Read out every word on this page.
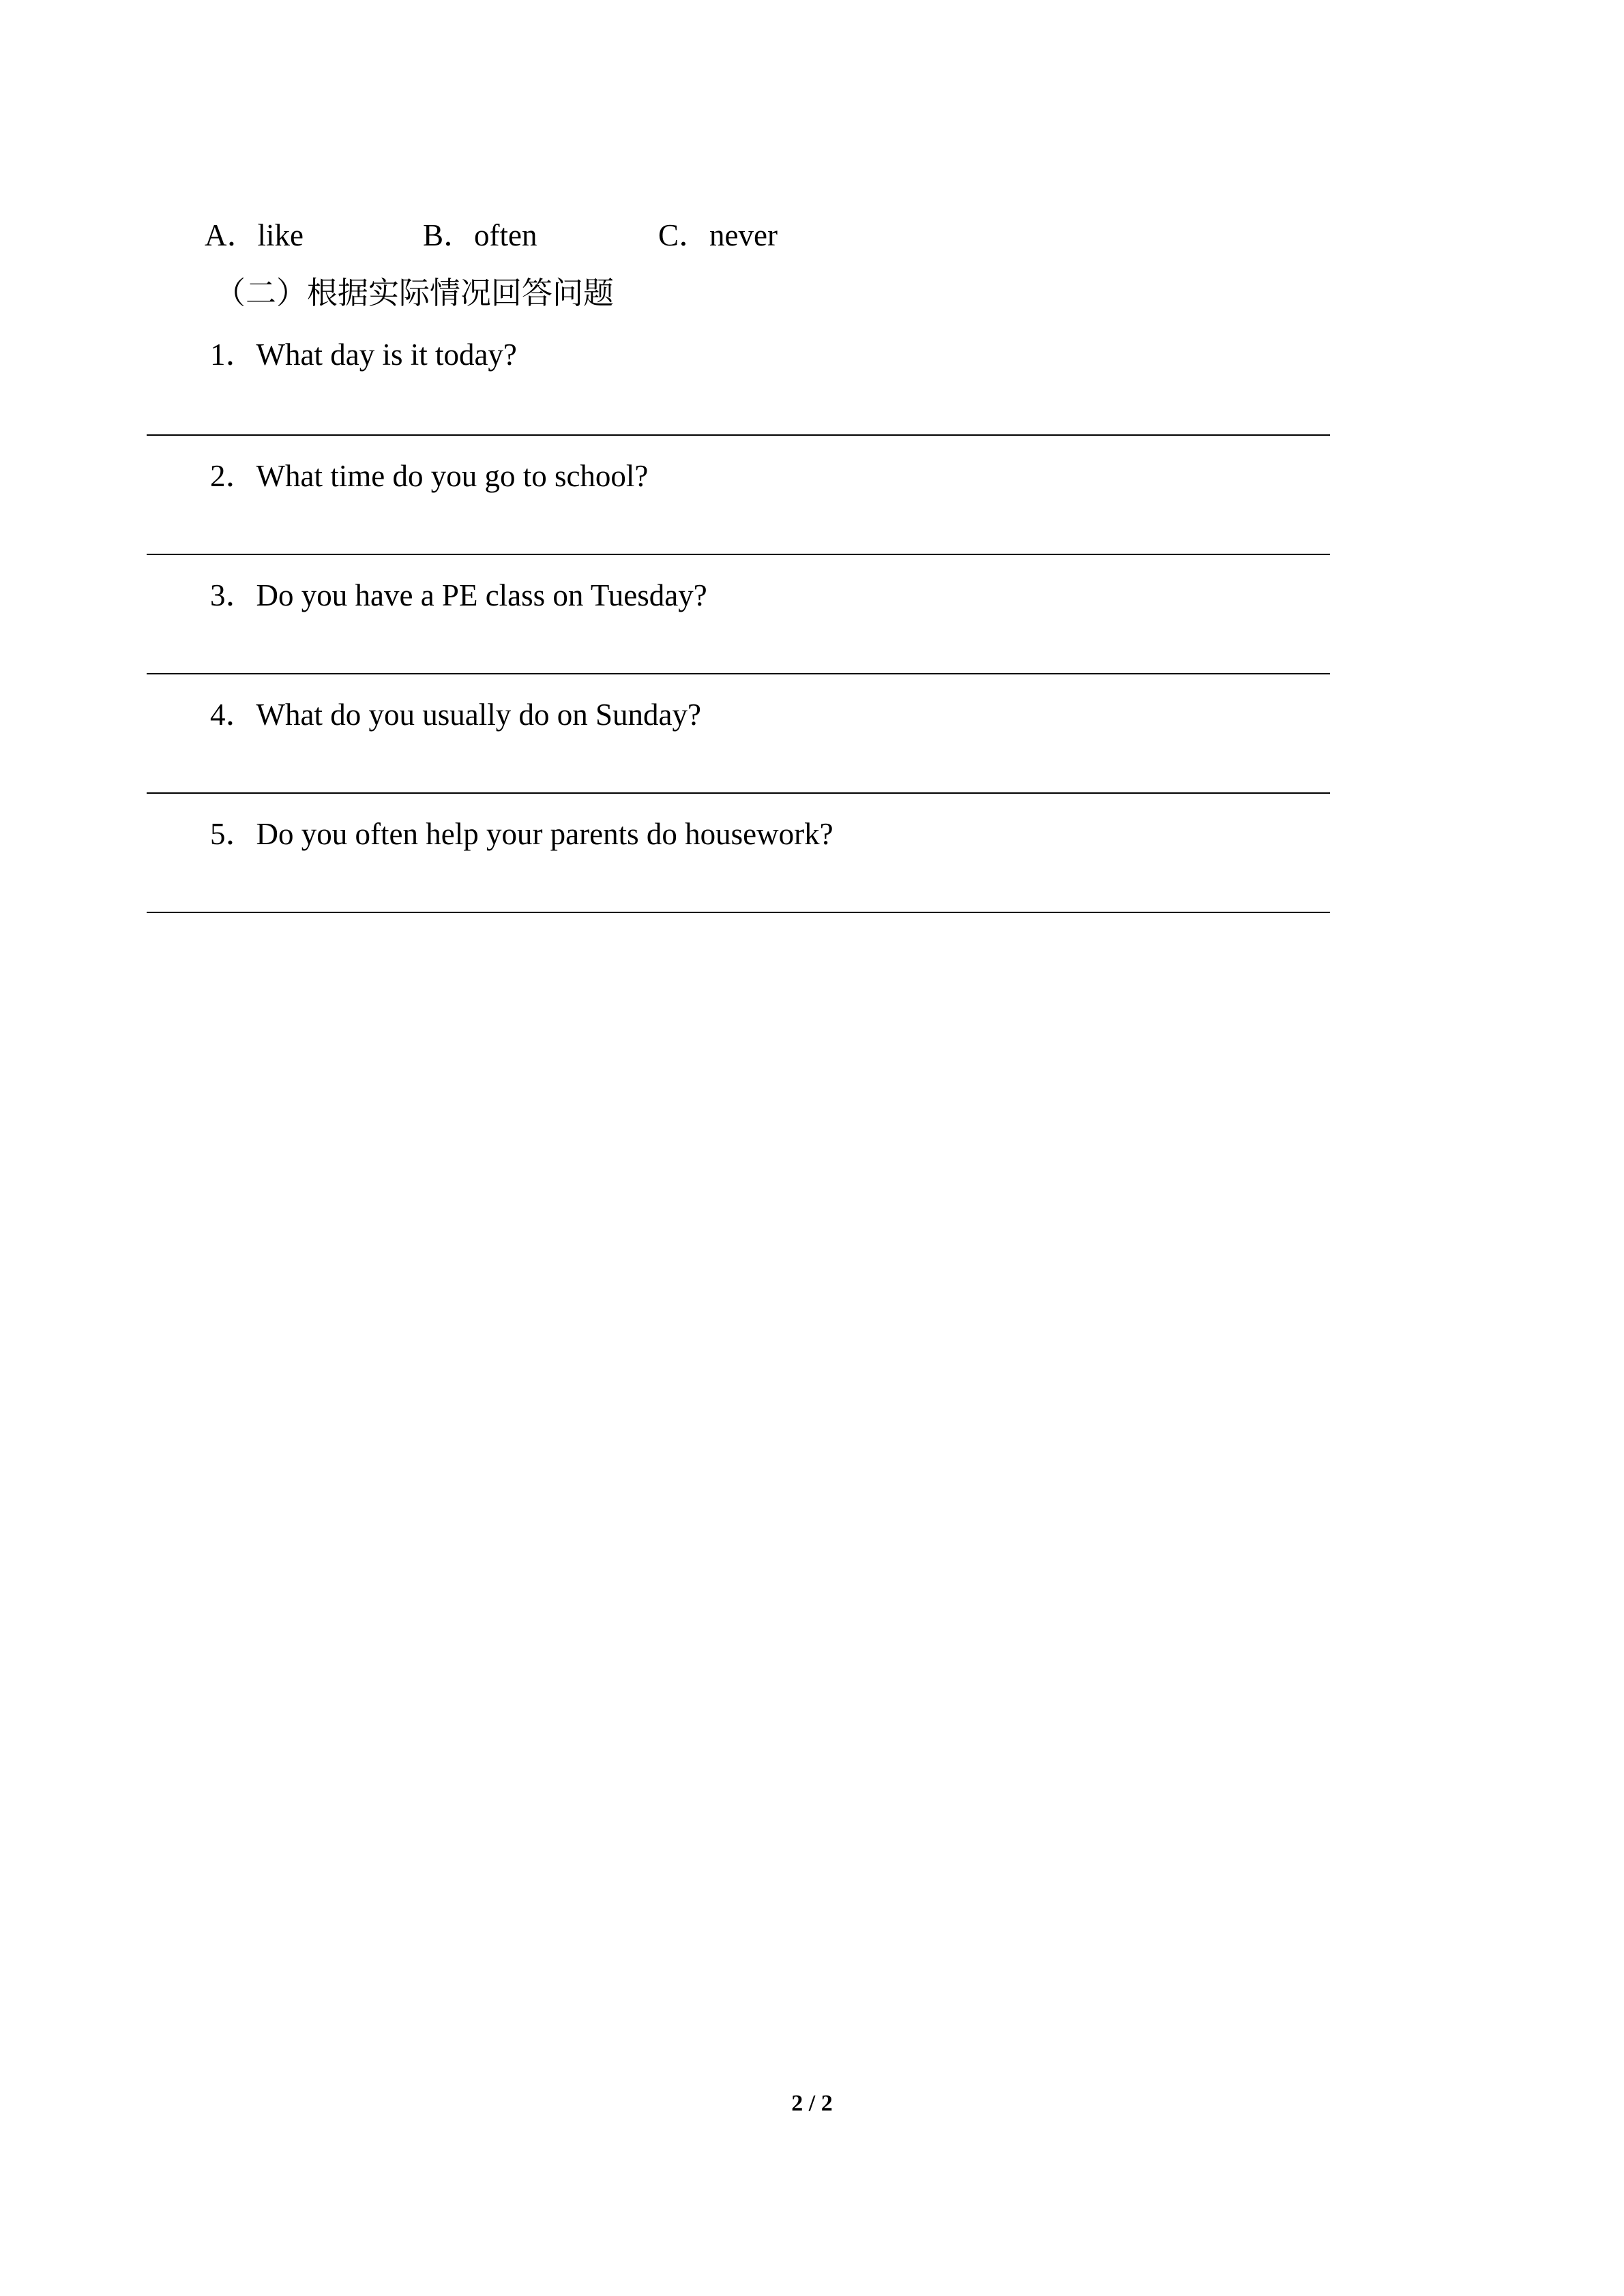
A．like	B．often	C．never
（二）根据实际情况回答问题
1．What day is it today?
2．What time do you go to school?
3．Do you have a PE class on Tuesday?
4．What do you usually do on Sunday?
5．Do you often help your parents do housework?
2 / 2
